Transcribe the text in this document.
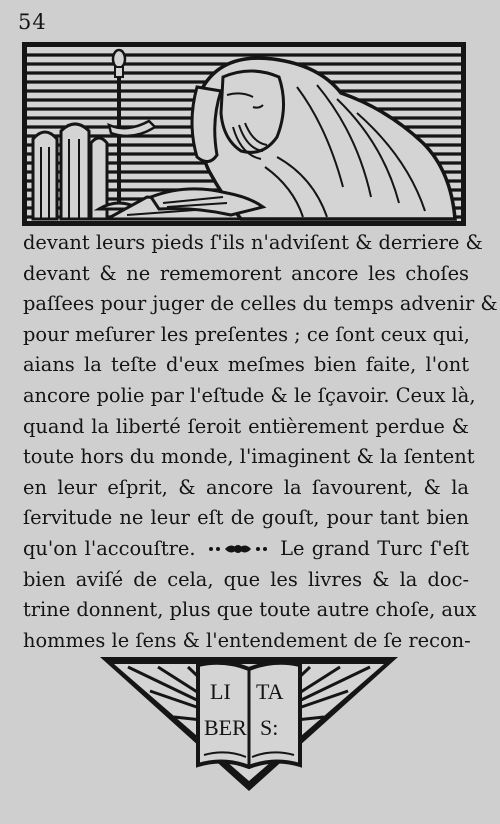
54
devant leurs pieds ſ'ils n'adviſent & derriere &
devant & ne rememorent ancore les choſes
paſſees pour juger de celles du temps advenir &
pour meſurer les preſentes ; ce ſont ceux qui,
aians la teſte d'eux meſmes bien faite, l'ont
ancore polie par l'eſtude & le ſçavoir. Ceux là,
quand la liberté ſeroit entièrement perdue &
toute hors du monde, l'imaginent & la ſentent
en leur eſprit, & ancore la ſavourent, & la
ſervitude ne leur eſt de gouſt, pour tant bien
qu'on l'accouſtre.	Le grand Turc ſ'eſt
bien aviſé de cela, que les livres & la doc-
trine donnent, plus que toute autre choſe, aux
hommes le ſens & l'entendement de ſe recon-
LI
BER
TA
S:
